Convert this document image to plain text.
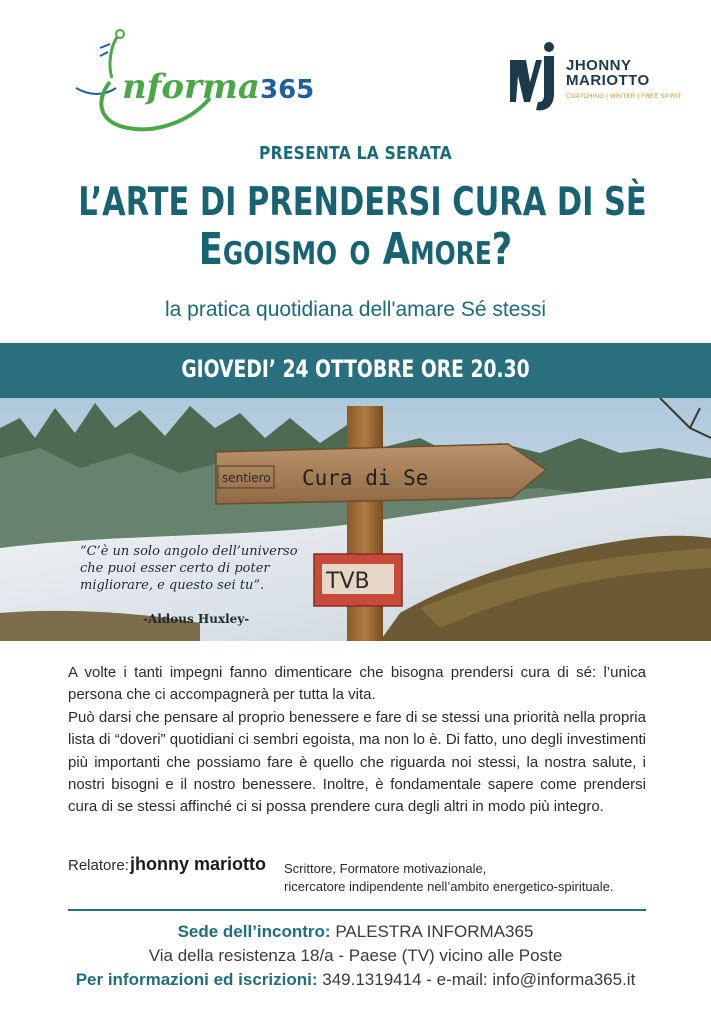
nforma 365
JHONNY
MARIOTTO
COATCHING | WRITER | FREE SPIRIT
PRESENTA LA SERATA
L’ARTE DI PRENDERSI CURA DI SÈ
Egoismo o Amore?
la pratica quotidiana dell'amare Sé stessi
GIOVEDI’ 24 OTTOBRE ORE 20.30
sentiero Cura di Se
TVB
“C’è un solo angolo dell’universo che puoi esser certo di poter migliorare, e questo sei tu”.
-Aldous Huxley-

A volte i tanti impegni fanno dimenticare che bisogna prendersi cura di sé: l’unica persona che ci accompagnerà per tutta la vita.

Può darsi che pensare al proprio benessere e fare di se stessi una priorità nella propria lista di “doveri” quotidiani ci sembri egoista, ma non lo è. Di fatto, uno degli investimenti più importanti che possiamo fare è quello che riguarda noi stessi, la nostra salute, i nostri bisogni e il nostro benessere. Inoltre, è fondamentale sapere come prendersi cura di se stessi affinché ci si possa prendere cura degli altri in modo più integro.

Relatore: jhonny mariotto Scrittore, Formatore motivazionale,
ricercatore indipendente nell’ambito energetico-spirituale.
Sede dell’incontro: PALESTRA INFORMA365
Via della resistenza 18/a - Paese (TV) vicino alle Poste
Per informazioni ed iscrizioni: 349.1319414 - e-mail: info@informa365.it
